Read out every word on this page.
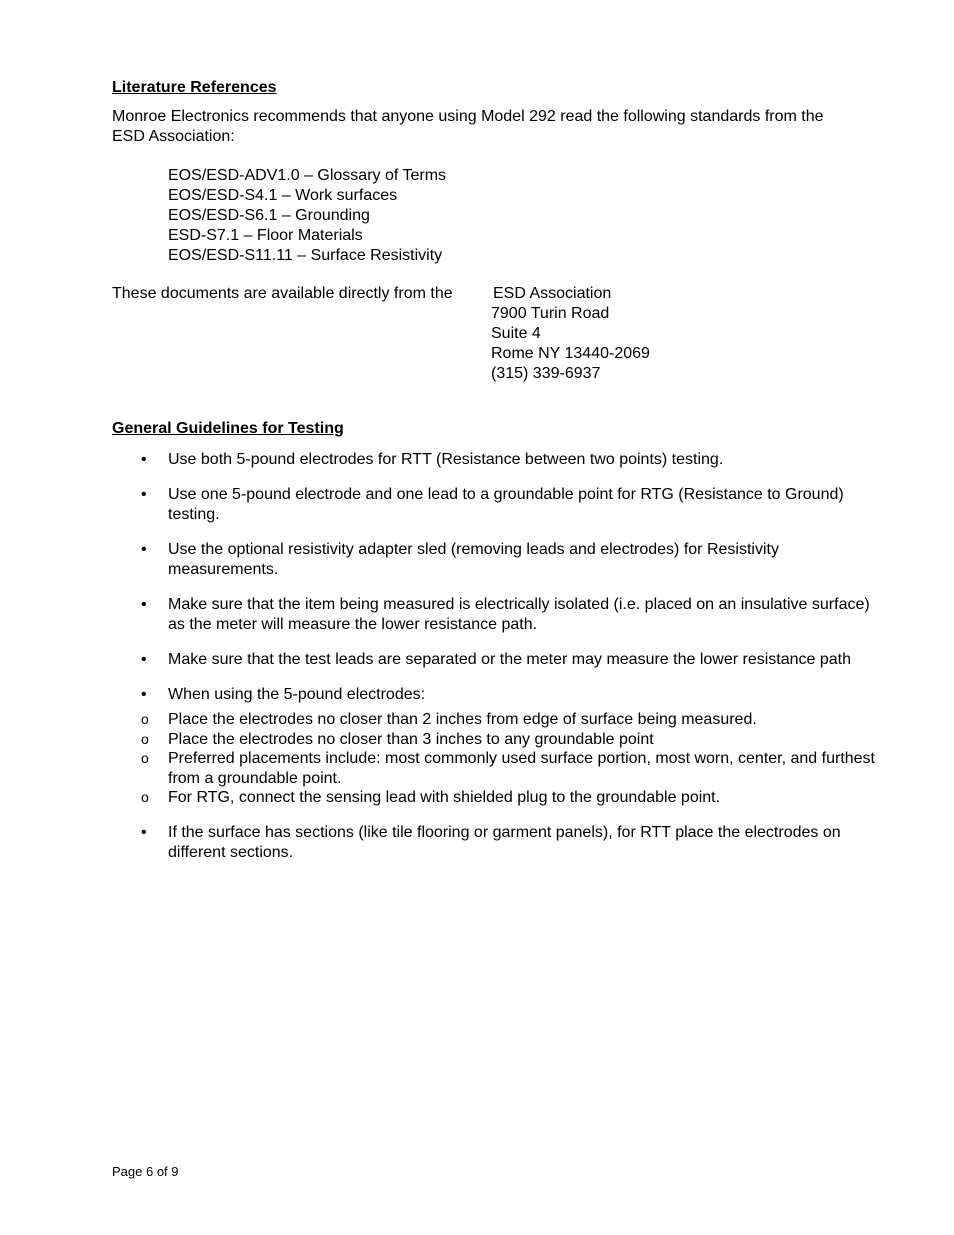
Literature References
Monroe Electronics recommends that anyone using Model 292 read the following standards from the
ESD Association:
EOS/ESD-ADV1.0 – Glossary of Terms
EOS/ESD-S4.1 – Work surfaces
EOS/ESD-S6.1 – Grounding
ESD-S7.1 – Floor Materials
EOS/ESD-S11.11 – Surface Resistivity
These documents are available directly from the	ESD Association
7900 Turin Road
Suite 4
Rome NY 13440-2069
(315) 339-6937
General Guidelines for Testing
• Use both 5-pound electrodes for RTT (Resistance between two points) testing.
• Use one 5-pound electrode and one lead to a groundable point for RTG (Resistance to Ground) testing.
• Use the optional resistivity adapter sled (removing leads and electrodes) for Resistivity measurements.
• Make sure that the item being measured is electrically isolated (i.e. placed on an insulative surface) as the meter will measure the lower resistance path.
• Make sure that the test leads are separated or the meter may measure the lower resistance path
• When using the 5-pound electrodes:
o Place the electrodes no closer than 2 inches from edge of surface being measured.
o Place the electrodes no closer than 3 inches to any groundable point
o Preferred placements include: most commonly used surface portion, most worn, center, and furthest from a groundable point.
o For RTG, connect the sensing lead with shielded plug to the groundable point.
• If the surface has sections (like tile flooring or garment panels), for RTT place the electrodes on different sections.
Page 6 of 9
